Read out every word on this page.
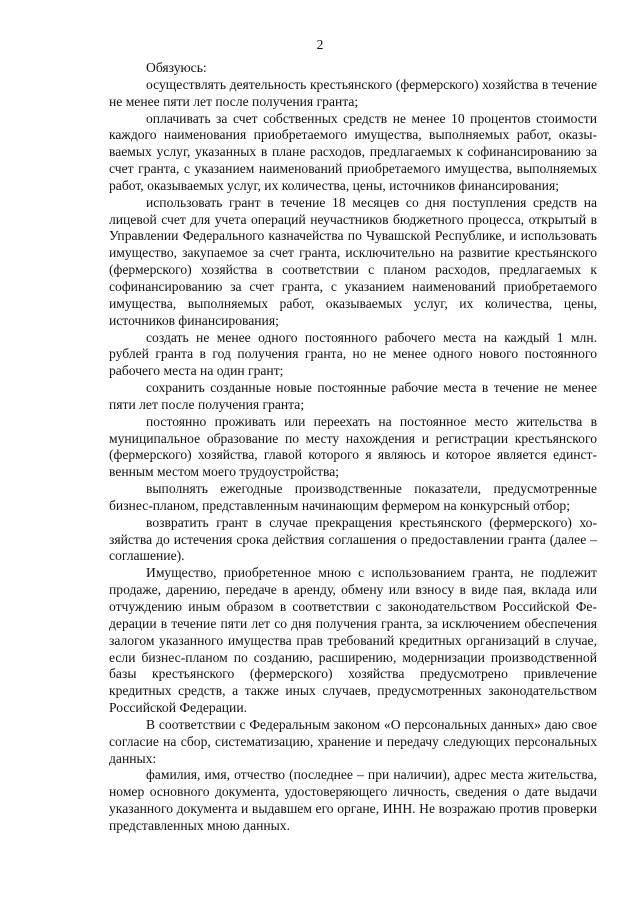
2

Обязуюсь:

осуществлять деятельность крестьянского (фермерского) хозяйства в течение не менее пяти лет после получения гранта;

оплачивать за счет собственных средств не менее 10 процентов стоимости каждого наименования приобретаемого имущества, выполняемых работ, оказываемых услуг, указанных в плане расходов, предлагаемых к софинансированию за счет гранта, с указанием наименований приобретаемого имущества, выполняемых работ, оказываемых услуг, их количества, цены, источников финансирования;

использовать грант в течение 18 месяцев со дня поступления средств на лицевой счет для учета операций неучастников бюджетного процесса, открытый в Управлении Федерального казначейства по Чувашской Республике, и использовать имущество, закупаемое за счет гранта, исключительно на развитие крестьянского (фермерского) хозяйства в соответствии с планом расходов, предлагаемых к софинансированию за счет гранта, с указанием наименований приобретаемого имущества, выполняемых работ, оказываемых услуг, их количества, цены, источников финансирования;

создать не менее одного постоянного рабочего места на каждый 1 млн. рублей гранта в год получения гранта, но не менее одного нового постоянного рабочего места на один грант;

сохранить созданные новые постоянные рабочие места в течение не менее пяти лет после получения гранта;

постоянно проживать или переехать на постоянное место жительства в муниципальное образование по месту нахождения и регистрации крестьянского (фермерского) хозяйства, главой которого я являюсь и которое является единственным местом моего трудоустройства;

выполнять ежегодные производственные показатели, предусмотренные бизнес-планом, представленным начинающим фермером на конкурсный отбор;

возвратить грант в случае прекращения крестьянского (фермерского) хозяйства до истечения срока действия соглашения о предоставлении гранта (далее – соглашение).

Имущество, приобретенное мною с использованием гранта, не подлежит продаже, дарению, передаче в аренду, обмену или взносу в виде пая, вклада или отчуждению иным образом в соответствии с законодательством Российской Федерации в течение пяти лет со дня получения гранта, за исключением обеспечения залогом указанного имущества прав требований кредитных организаций в случае, если бизнес-планом по созданию, расширению, модернизации производственной базы крестьянского (фермерского) хозяйства предусмотрено привлечение кредитных средств, а также иных случаев, предусмотренных законодательством Российской Федерации.

В соответствии с Федеральным законом «О персональных данных» даю свое согласие на сбор, систематизацию, хранение и передачу следующих персональных данных:

фамилия, имя, отчество (последнее – при наличии), адрес места жительства, номер основного документа, удостоверяющего личность, сведения о дате выдачи указанного документа и выдавшем его органе, ИНН. Не возражаю против проверки представленных мною данных.
